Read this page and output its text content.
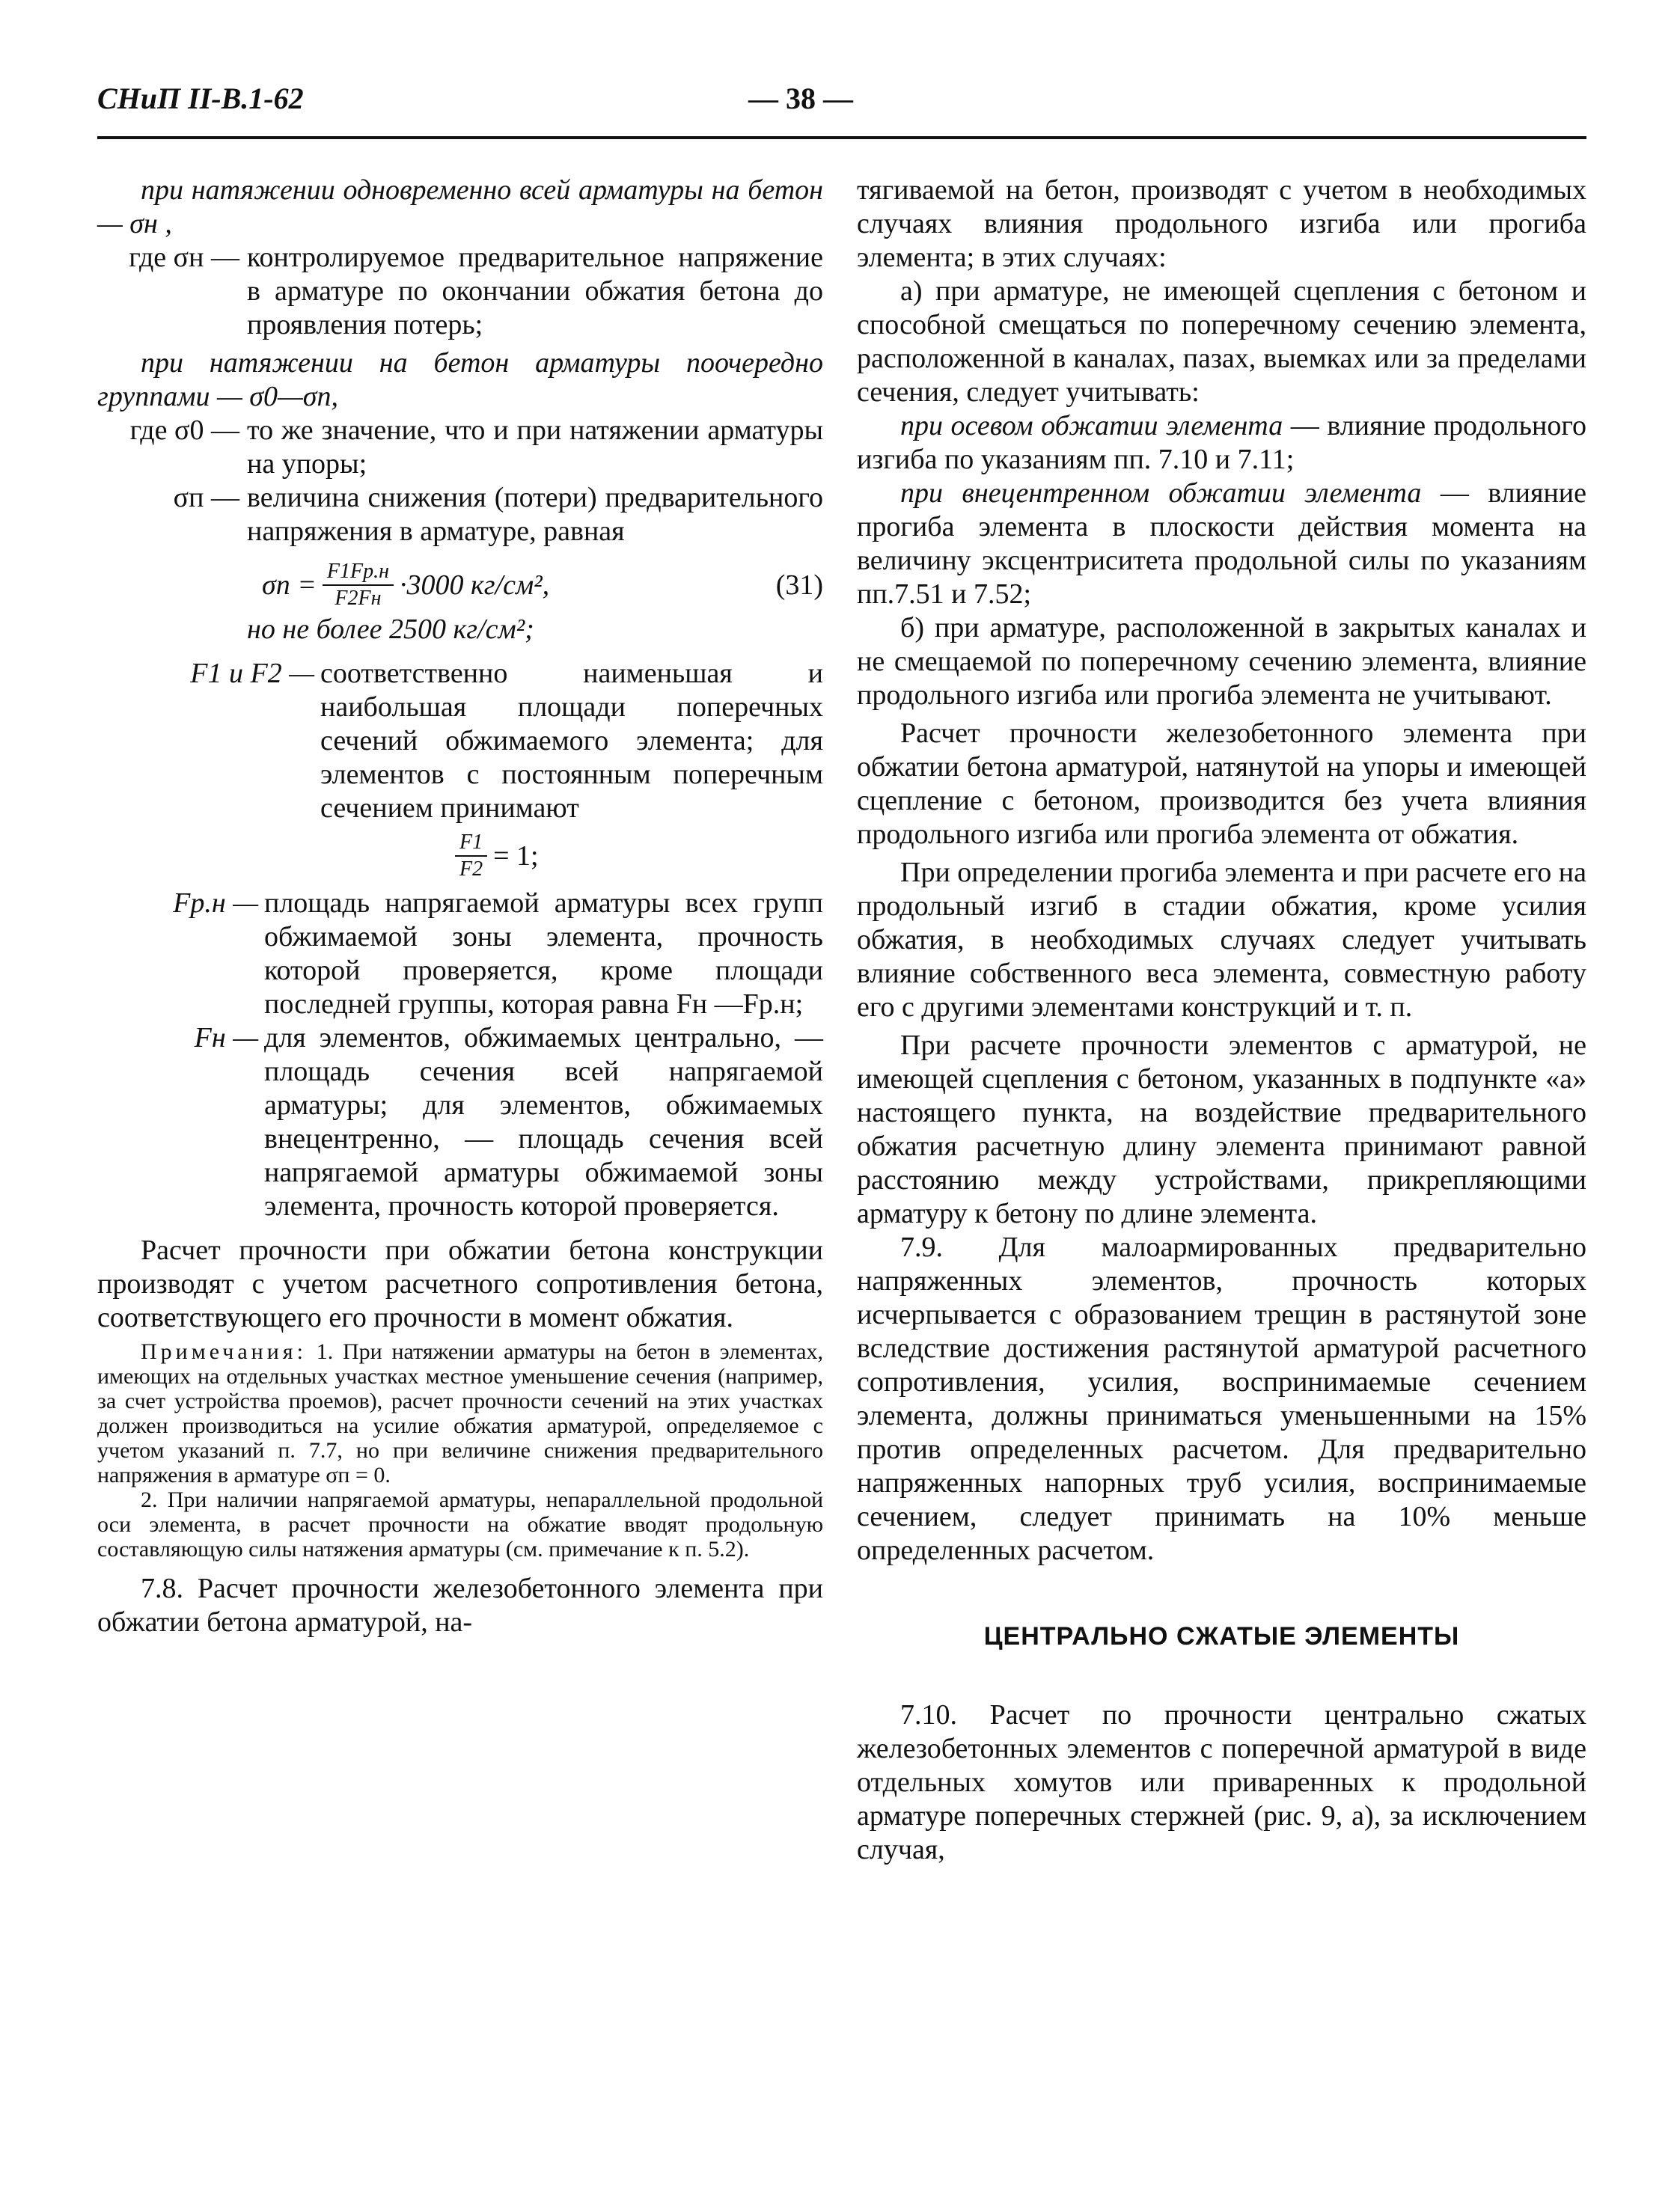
СНиП II-В.1-62	— 38 —

при натяжении одновременно всей арматуры на бетон — σн ,

где σн — контролируемое предварительное напряжение в арматуре по окончании обжатия бетона до проявления потерь;

при натяжении на бетон арматуры поочередно группами — σ0—σп,

где σ0 — то же значение, что и при натяжении арматуры на упоры;
σп — величина снижения (потери) предварительного напряжения в арматуре, равная
$\sigma п = \frac{F1Fр.н}{F2Fн} \cdot 3000$ кг/см²,	(31)

но не более 2500 кг/см²;

F1 и F2 — соответственно наименьшая и наибольшая площади поперечных сечений обжимаемого элемента; для элементов с постоянным поперечным сечением принимают
$\frac{F1}{F2} = 1$;
Fр.н — площадь напрягаемой арматуры всех групп обжимаемой зоны элемента, прочность которой проверяется, кроме площади последней группы, которая равна Fн —Fр.н;
Fн — для элементов, обжимаемых центрально, — площадь сечения всей напрягаемой арматуры; для элементов, обжимаемых внецентренно, — площадь сечения всей напрягаемой арматуры обжимаемой зоны элемента, прочность которой проверяется.

Расчет прочности при обжатии бетона конструкции производят с учетом расчетного сопротивления бетона, соответствующего его прочности в момент обжатия.

Примечания: 1. При натяжении арматуры на бетон в элементах, имеющих на отдельных участках местное уменьшение сечения (например, за счет устройства проемов), расчет прочности сечений на этих участках должен производиться на усилие обжатия арматурой, определяемое с учетом указаний п. 7.7, но при величине снижения предварительного напряжения в арматуре σп = 0.

2. При наличии напрягаемой арматуры, непараллельной продольной оси элемента, в расчет прочности на обжатие вводят продольную составляющую силы натяжения арматуры (см. примечание к п. 5.2).

7.8. Расчет прочности железобетонного элемента при обжатии бетона арматурой, на-

тягиваемой на бетон, производят с учетом в необходимых случаях влияния продольного изгиба или прогиба элемента; в этих случаях:

а) при арматуре, не имеющей сцепления с бетоном и способной смещаться по поперечному сечению элемента, расположенной в каналах, пазах, выемках или за пределами сечения, следует учитывать:

при осевом обжатии элемента — влияние продольного изгиба по указаниям пп. 7.10 и 7.11;

при внецентренном обжатии элемента — влияние прогиба элемента в плоскости действия момента на величину эксцентриситета продольной силы по указаниям пп.7.51 и 7.52;

б) при арматуре, расположенной в закрытых каналах и не смещаемой по поперечному сечению элемента, влияние продольного изгиба или прогиба элемента не учитывают.

Расчет прочности железобетонного элемента при обжатии бетона арматурой, натянутой на упоры и имеющей сцепление с бетоном, производится без учета влияния продольного изгиба или прогиба элемента от обжатия.

При определении прогиба элемента и при расчете его на продольный изгиб в стадии обжатия, кроме усилия обжатия, в необходимых случаях следует учитывать влияние собственного веса элемента, совместную работу его с другими элементами конструкций и т. п.

При расчете прочности элементов с арматурой, не имеющей сцепления с бетоном, указанных в подпункте «а» настоящего пункта, на воздействие предварительного обжатия расчетную длину элемента принимают равной расстоянию между устройствами, прикрепляющими арматуру к бетону по длине элемента.

7.9. Для малоармированных предварительно напряженных элементов, прочность которых исчерпывается с образованием трещин в растянутой зоне вследствие достижения растянутой арматурой расчетного сопротивления, усилия, воспринимаемые сечением элемента, должны приниматься уменьшенными на 15% против определенных расчетом. Для предварительно напряженных напорных труб усилия, воспринимаемые сечением, следует принимать на 10% меньше определенных расчетом.

ЦЕНТРАЛЬНО СЖАТЫЕ ЭЛЕМЕНТЫ

7.10. Расчет по прочности центрально сжатых железобетонных элементов с поперечной арматурой в виде отдельных хомутов или приваренных к продольной арматуре поперечных стержней (рис. 9, а), за исключением случая,
